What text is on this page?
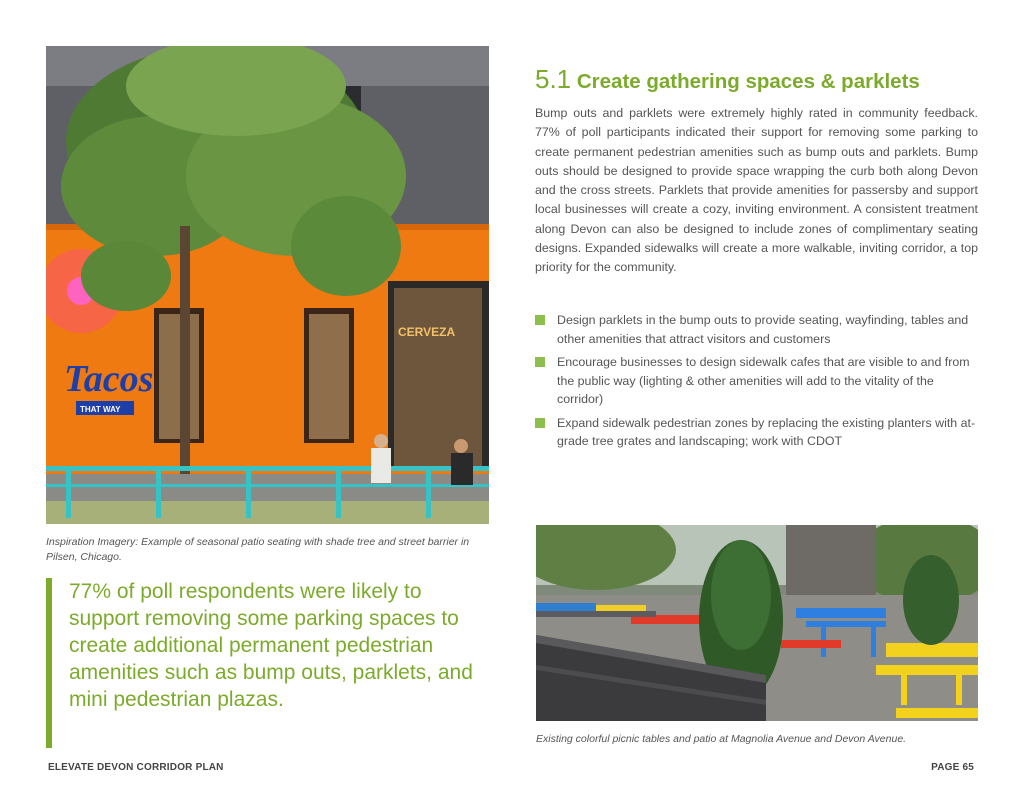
CERVEZA
Tacos
THAT WAY
Inspiration Imagery: Example of seasonal patio seating with shade tree and street barrier in Pilsen, Chicago.

77% of poll respondents were likely to support removing some parking spaces to create additional permanent pedestrian amenities such as bump outs, parklets, and mini pedestrian plazas.

5.1 Create gathering spaces & parklets

Bump outs and parklets were extremely highly rated in community feedback. 77% of poll participants indicated their support for removing some parking to create permanent pedestrian amenities such as bump outs and parklets. Bump outs should be designed to provide space wrapping the curb both along Devon and the cross streets. Parklets that provide amenities for passersby and support local businesses will create a cozy, inviting environment. A consistent treatment along Devon can also be designed to include zones of complimentary seating designs. Expanded sidewalks will create a more walkable, inviting corridor, a top priority for the community.

Design parklets in the bump outs to provide seating, wayfinding, tables and other amenities that attract visitors and customers
Encourage businesses to design sidewalk cafes that are visible to and from the public way (lighting & other amenities will add to the vitality of the corridor)
Expand sidewalk pedestrian zones by replacing the existing planters with at-grade tree grates and landscaping; work with CDOT
Existing colorful picnic tables and patio at Magnolia Avenue and Devon Avenue.
ELEVATE DEVON CORRIDOR PLAN	PAGE 65
